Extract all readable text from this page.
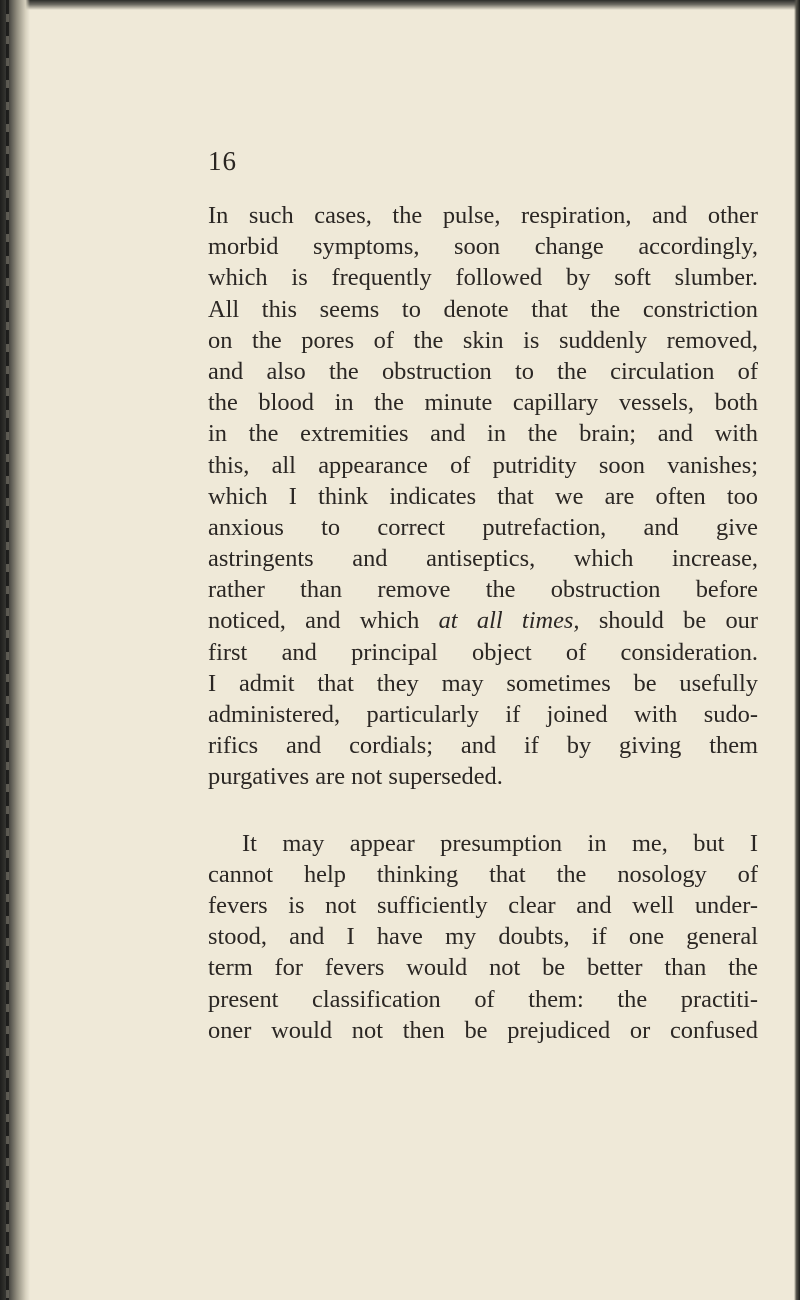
16
In such cases, the pulse, respiration, and other
morbid symptoms, soon change accordingly,
which is frequently followed by soft slumber.
All this seems to denote that the constriction
on the pores of the skin is suddenly removed,
and also the obstruction to the circulation of
the blood in the minute capillary vessels, both
in the extremities and in the brain; and with
this, all appearance of putridity soon vanishes;
which I think indicates that we are often too
anxious to correct putrefaction, and give
astringents and antiseptics, which increase,
rather than remove the obstruction before
noticed, and which at all times, should be our
first and principal object of consideration.
I admit that they may sometimes be usefully
administered, particularly if joined with sudo-
rifics and cordials; and if by giving them
purgatives are not superseded.
It may appear presumption in me, but I
cannot help thinking that the nosology of
fevers is not sufficiently clear and well under-
stood, and I have my doubts, if one general
term for fevers would not be better than the
present classification of them: the practiti-
oner would not then be prejudiced or confused
